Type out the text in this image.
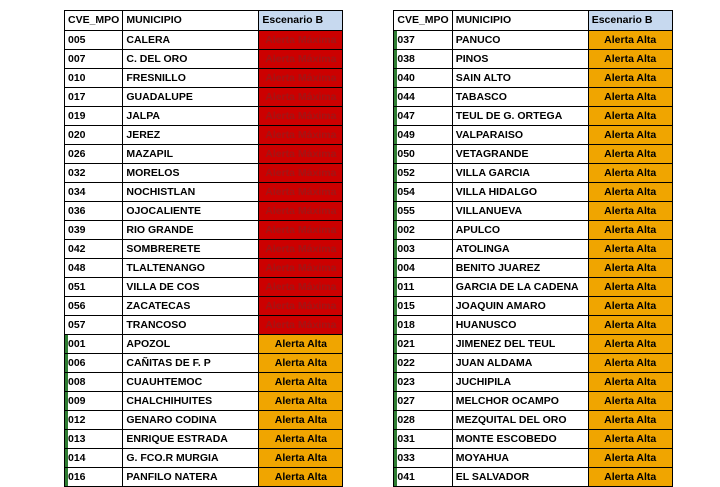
CVE_MPO	MUNICIPIO	Escenario B
005	CALERA	Alerta Máxima
007	C. DEL ORO	Alerta Máxima
010	FRESNILLO	Alerta Máxima
017	GUADALUPE	Alerta Máxima
019	JALPA	Alerta Máxima
020	JEREZ	Alerta Máxima
026	MAZAPIL	Alerta Máxima
032	MORELOS	Alerta Máxima
034	NOCHISTLAN	Alerta Máxima
036	OJOCALIENTE	Alerta Máxima
039	RIO GRANDE	Alerta Máxima
042	SOMBRERETE	Alerta Máxima
048	TLALTENANGO	Alerta Máxima
051	VILLA DE COS	Alerta Máxima
056	ZACATECAS	Alerta Máxima
057	TRANCOSO	Alerta Máxima
001	APOZOL	Alerta Alta
006	CAÑITAS DE F. P	Alerta Alta
008	CUAUHTEMOC	Alerta Alta
009	CHALCHIHUITES	Alerta Alta
012	GENARO CODINA	Alerta Alta
013	ENRIQUE ESTRADA	Alerta Alta
014	G. FCO.R MURGIA	Alerta Alta
016	PANFILO NATERA	Alerta Alta
CVE_MPO	MUNICIPIO	Escenario B
037	PANUCO	Alerta Alta
038	PINOS	Alerta Alta
040	SAIN ALTO	Alerta Alta
044	TABASCO	Alerta Alta
047	TEUL DE G. ORTEGA	Alerta Alta
049	VALPARAISO	Alerta Alta
050	VETAGRANDE	Alerta Alta
052	VILLA GARCIA	Alerta Alta
054	VILLA HIDALGO	Alerta Alta
055	VILLANUEVA	Alerta Alta
002	APULCO	Alerta Alta
003	ATOLINGA	Alerta Alta
004	BENITO JUAREZ	Alerta Alta
011	GARCIA DE LA CADENA	Alerta Alta
015	JOAQUIN AMARO	Alerta Alta
018	HUANUSCO	Alerta Alta
021	JIMENEZ DEL TEUL	Alerta Alta
022	JUAN ALDAMA	Alerta Alta
023	JUCHIPILA	Alerta Alta
027	MELCHOR OCAMPO	Alerta Alta
028	MEZQUITAL DEL ORO	Alerta Alta
031	MONTE ESCOBEDO	Alerta Alta
033	MOYAHUA	Alerta Alta
041	EL SALVADOR	Alerta Alta
